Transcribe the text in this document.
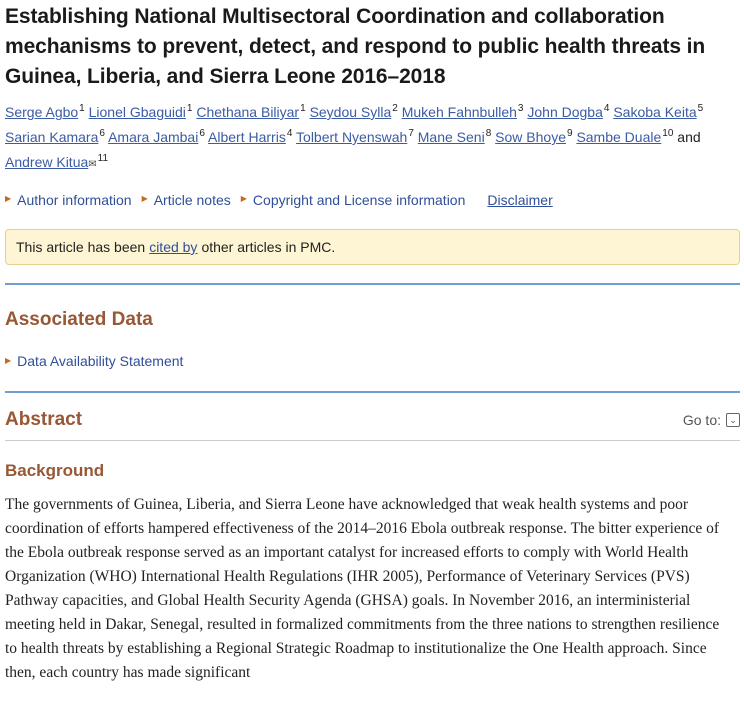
Establishing National Multisectoral Coordination and collaboration mechanisms to prevent, detect, and respond to public health threats in Guinea, Liberia, and Sierra Leone 2016–2018
Serge Agbo$^1$ Lionel Gbaguidi$^1$ Chethana Biliyar$^1$ Seydou Sylla$^2$ Mukeh Fahnbulleh$^3$ John Dogba$^4$ Sakoba Keita$^5$ Sarian Kamara$^6$ Amara Jambai$^6$ Albert Harris$^4$ Tolbert Nyenswah$^7$ Mane Seni$^8$ Sow Bhoye$^9$ Sambe Duale$^{10}$ and Andrew Kitua✉$^{11}$
▶ Author information ▶ Article notes ▶ Copyright and License information Disclaimer
This article has been cited by other articles in PMC.
Associated Data
▶ Data Availability Statement
Abstract	Go to: ⌄
Background

The governments of Guinea, Liberia, and Sierra Leone have acknowledged that weak health systems and poor coordination of efforts hampered effectiveness of the 2014–2016 Ebola outbreak response. The bitter experience of the Ebola outbreak response served as an important catalyst for increased efforts to comply with World Health Organization (WHO) International Health Regulations (IHR 2005), Performance of Veterinary Services (PVS) Pathway capacities, and Global Health Security Agenda (GHSA) goals. In November 2016, an interministerial meeting held in Dakar, Senegal, resulted in formalized commitments from the three nations to strengthen resilience to health threats by establishing a Regional Strategic Roadmap to institutionalize the One Health approach. Since then, each country has made significant
